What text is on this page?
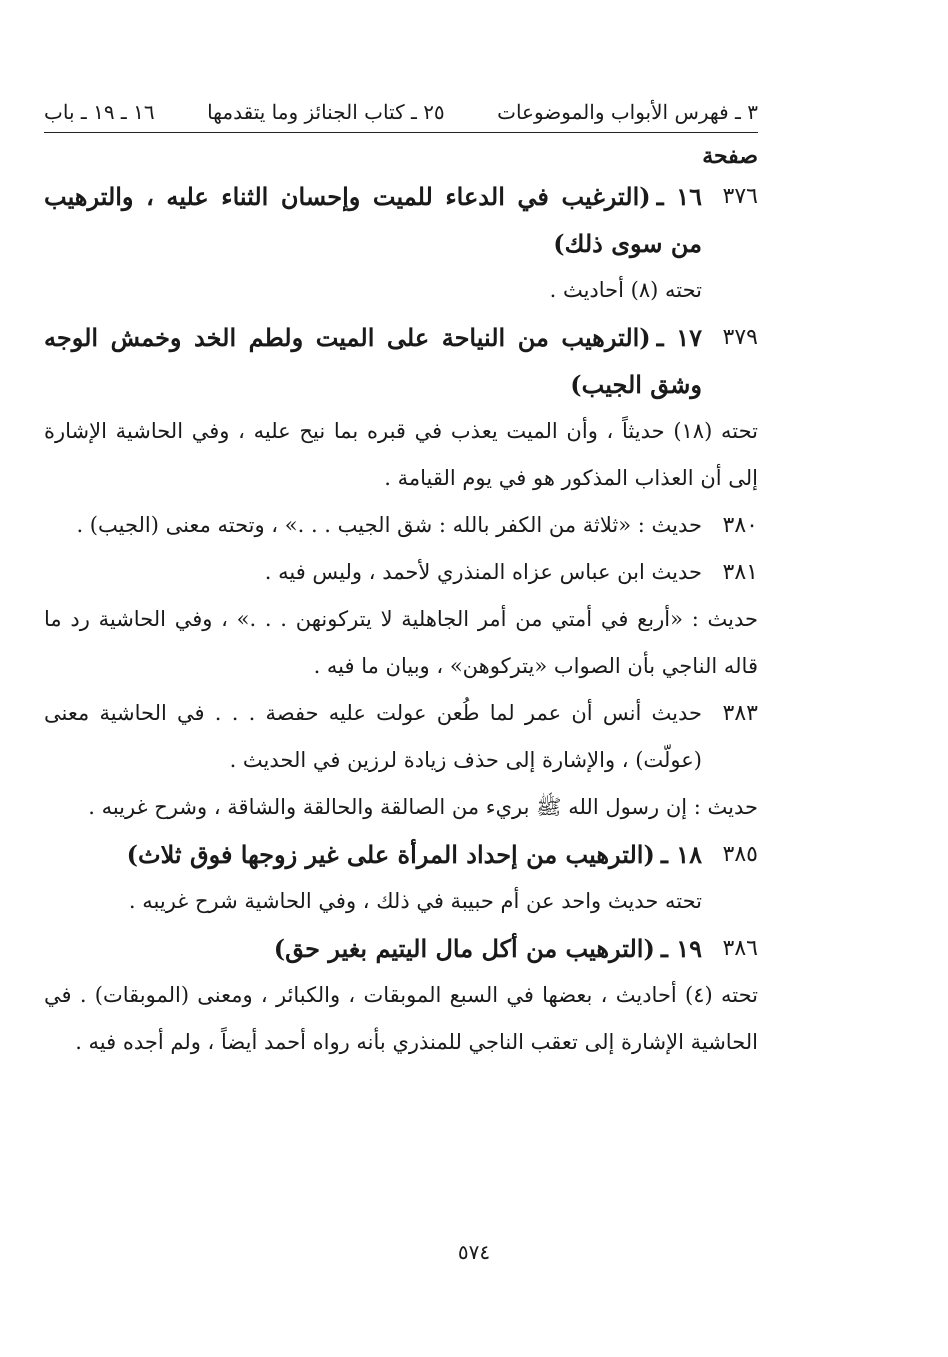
٣ ـ فهرس الأبواب والموضوعات
٢٥ ـ كتاب الجنائز وما يتقدمها
١٦ ـ ١٩ ـ باب
صفحة
٣٧٦
١٦ ـ(الترغيب في الدعاء للميت وإحسان الثناء عليه ، والترهيب من سوى ذلك)
تحته (٨) أحاديث .
٣٧٩
١٧ ـ(الترهيب من النياحة على الميت ولطم الخد وخمش الوجه وشق الجيب)
تحته (١٨) حديثاً ، وأن الميت يعذب في قبره بما نيح عليه ، وفي الحاشية الإشارة إلى أن العذاب المذكور هو في يوم القيامة .
٣٨٠
حديث : «ثلاثة من الكفر بالله : شق الجيب . . .» ، وتحته معنى (الجيب) .
٣٨١
حديث ابن عباس عزاه المنذري لأحمد ، وليس فيه .
حديث : «أربع في أمتي من أمر الجاهلية لا يتركونهن . . .» ، وفي الحاشية رد ما قاله الناجي بأن الصواب «يتركوهن» ، وبيان ما فيه .
٣٨٣
حديث أنس أن عمر لما طُعن عولت عليه حفصة . . . في الحاشية معنى (عولّت) ، والإشارة إلى حذف زيادة لرزين في الحديث .
حديث : إن رسول الله ﷺ بريء من الصالقة والحالقة والشاقة ، وشرح غريبه .
٣٨٥
١٨ ـ(الترهيب من إحداد المرأة على غير زوجها فوق ثلاث)
تحته حديث واحد عن أم حبيبة في ذلك ، وفي الحاشية شرح غريبه .
٣٨٦
١٩ ـ(الترهيب من أكل مال اليتيم بغير حق)
تحته (٤) أحاديث ، بعضها في السبع الموبقات ، والكبائر ، ومعنى (الموبقات) . في الحاشية الإشارة إلى تعقب الناجي للمنذري بأنه رواه أحمد أيضاً ، ولم أجده فيه .
٥٧٤
